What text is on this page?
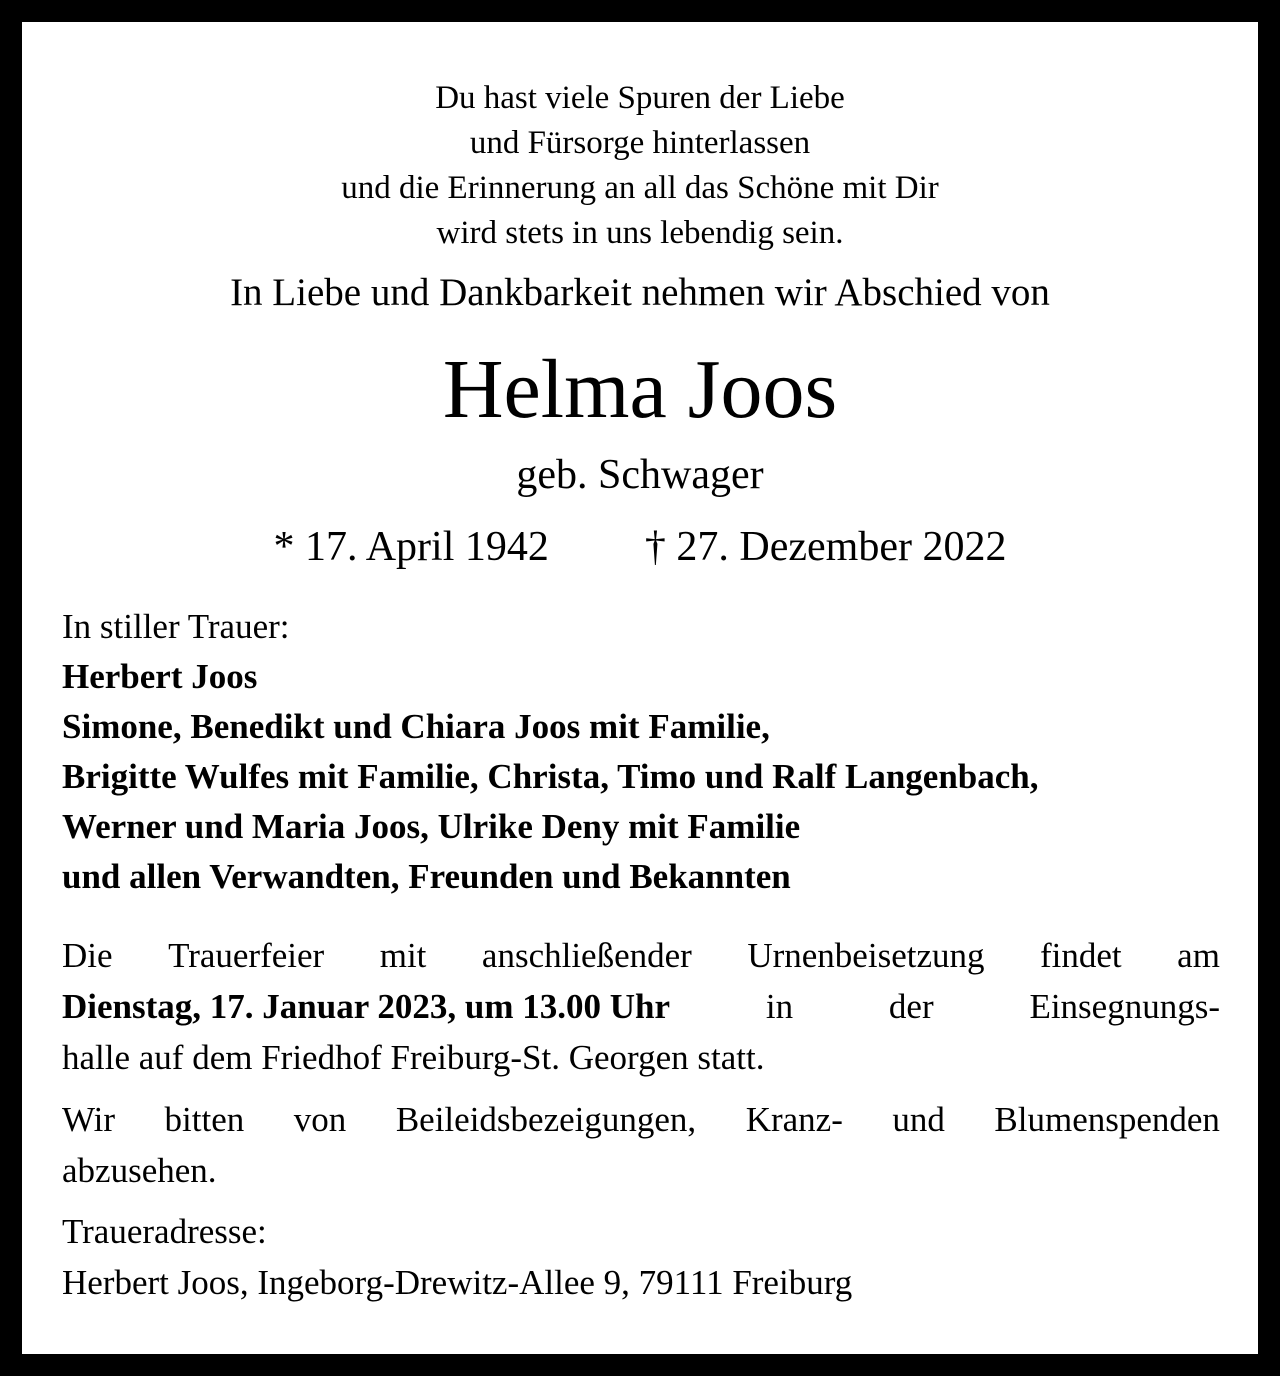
Du hast viele Spuren der Liebe
und Fürsorge hinterlassen
und die Erinnerung an all das Schöne mit Dir
wird stets in uns lebendig sein.
In Liebe und Dankbarkeit nehmen wir Abschied von
Helma Joos
geb. Schwager
* 17. April 1942 † 27. Dezember 2022
In stiller Trauer:
Herbert Joos
Simone, Benedikt und Chiara Joos mit Familie,
Brigitte Wulfes mit Familie, Christa, Timo und Ralf Langenbach,
Werner und Maria Joos, Ulrike Deny mit Familie
und allen Verwandten, Freunden und Bekannten
Die Trauerfeier mit anschließender Urnenbeisetzung findet am
Dienstag, 17. Januar 2023, um 13.00 Uhr	in	der	Einsegnungs-
halle auf dem Friedhof Freiburg-St. Georgen statt.
Wir bitten von Beileidsbezeigungen, Kranz- und Blumenspenden
abzusehen.
Traueradresse:
Herbert Joos, Ingeborg-Drewitz-Allee 9, 79111 Freiburg
